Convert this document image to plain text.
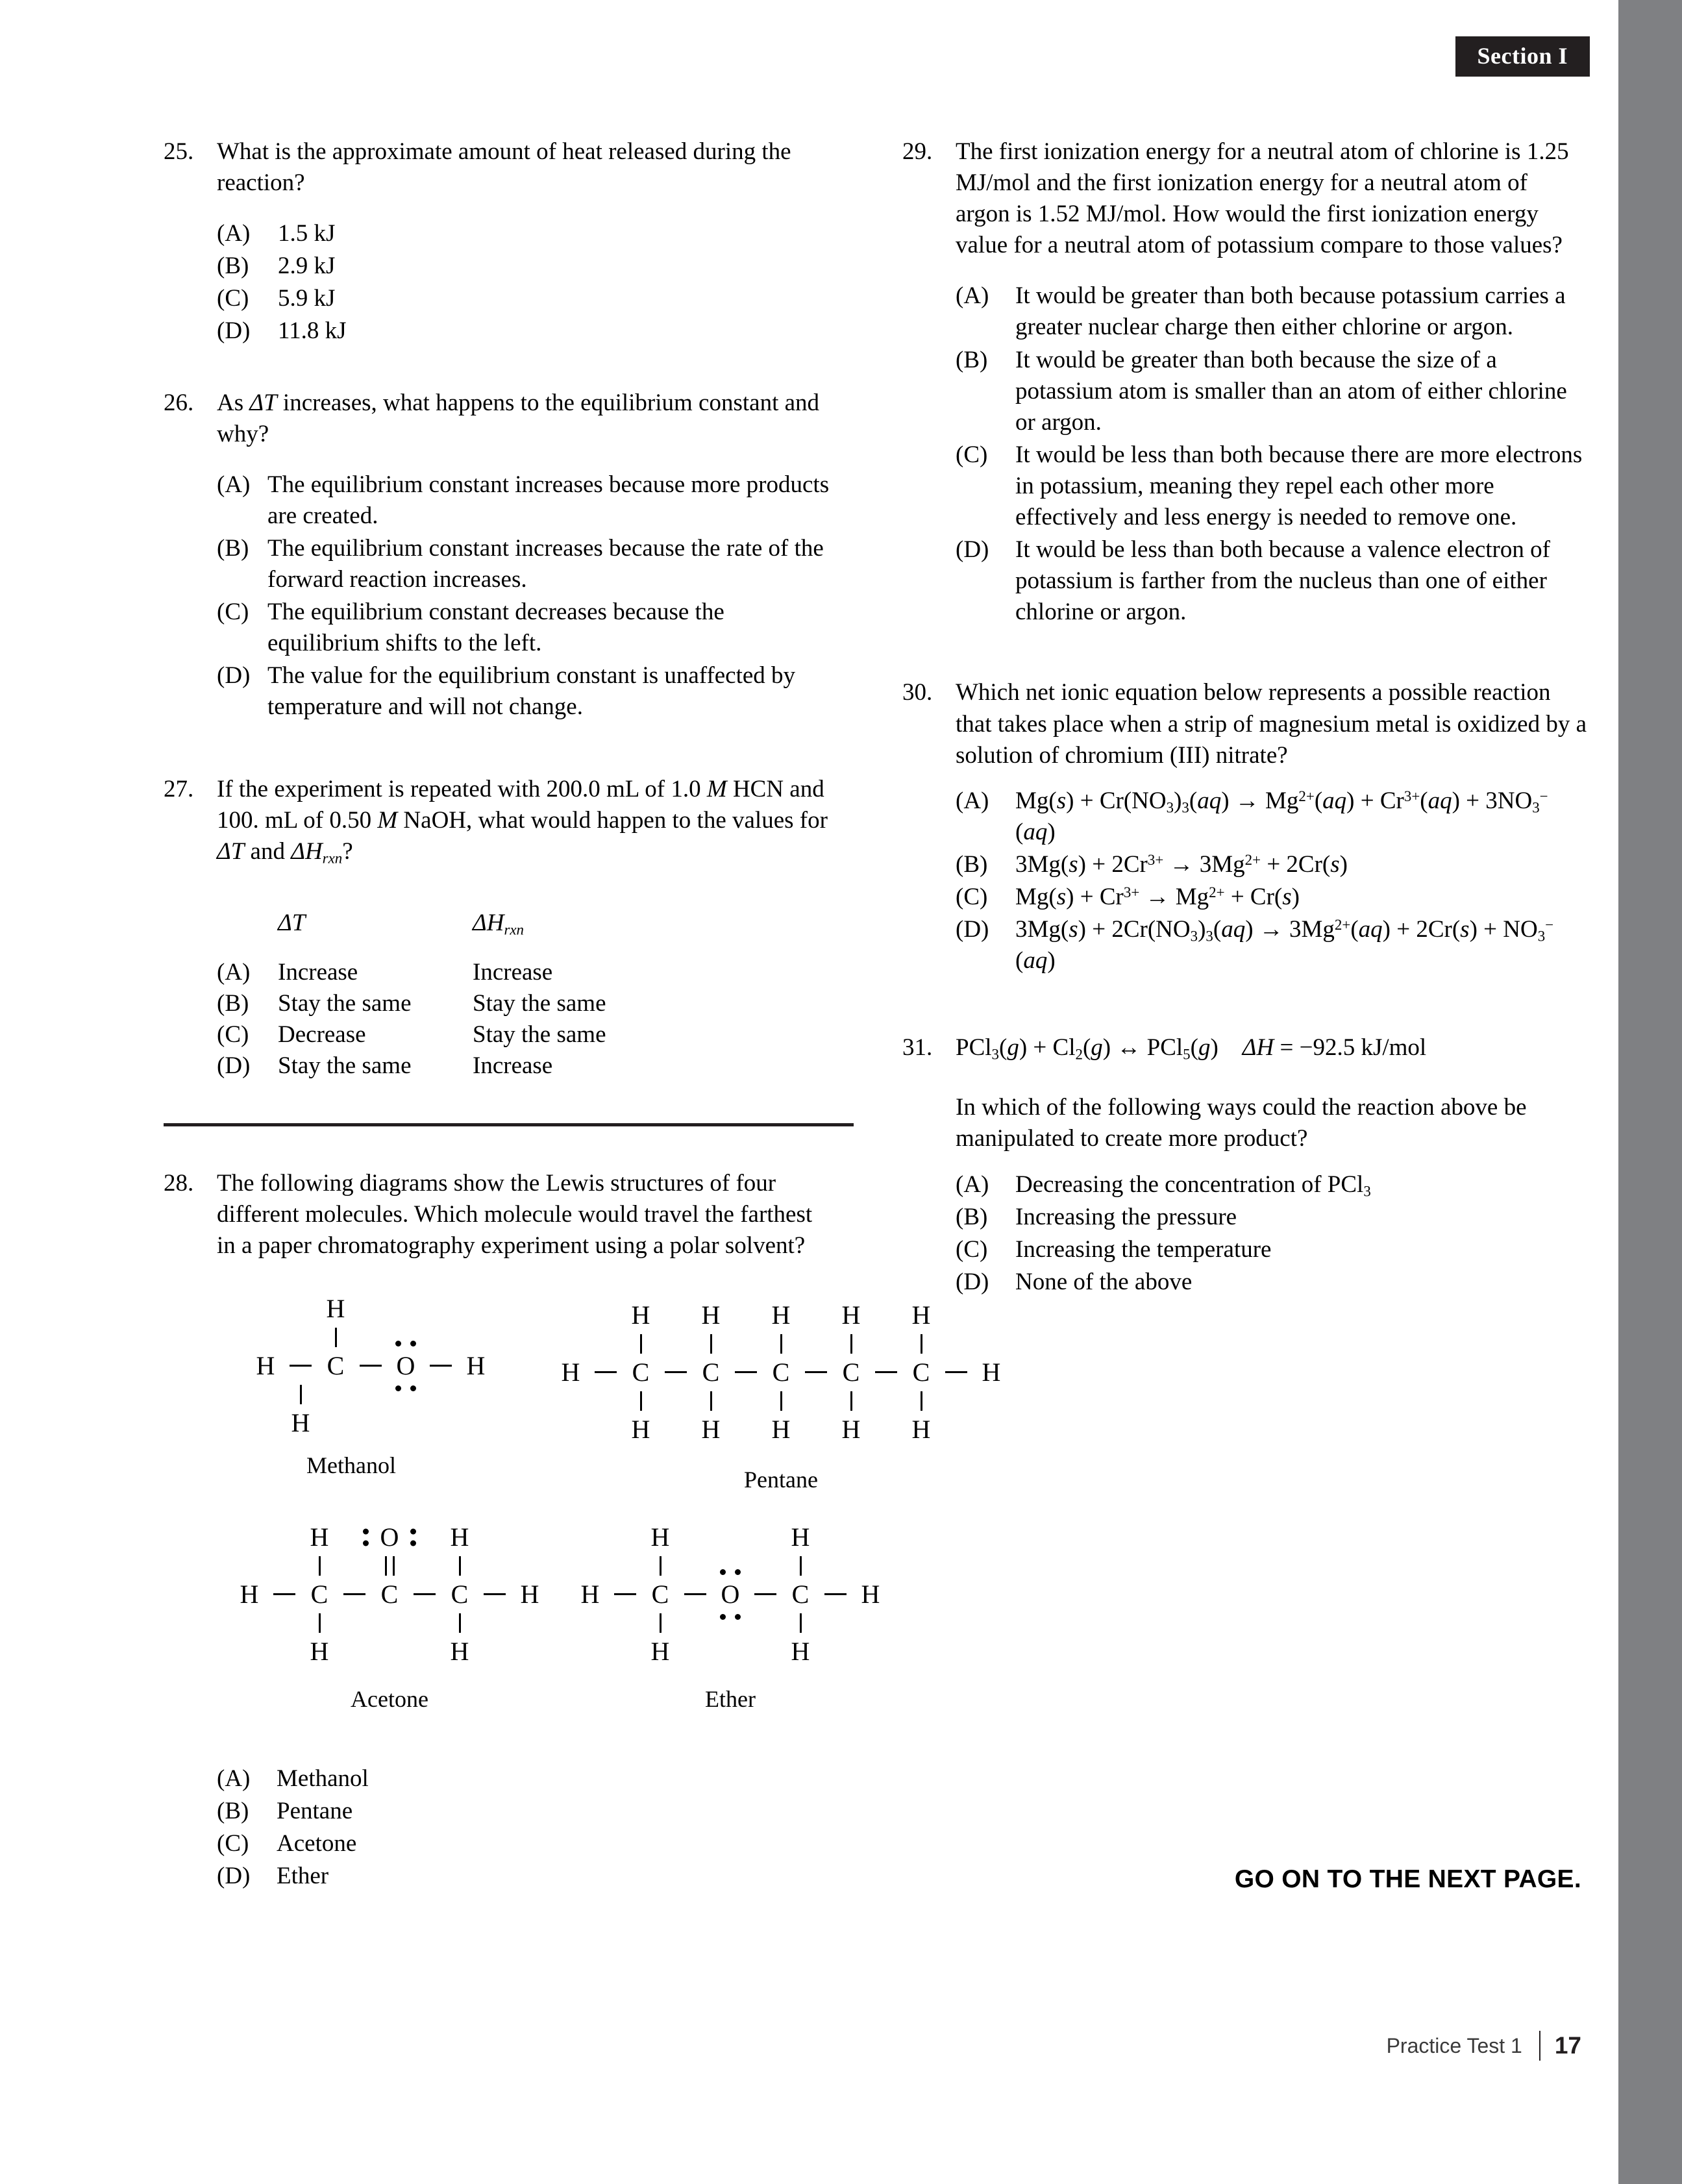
Section I
25. What is the approximate amount of heat released during the reaction?
(A)	1.5 kJ
(B)	2.9 kJ
(C)	5.9 kJ
(D)	11.8 kJ
26. As ΔT increases, what happens to the equilibrium constant and why?
(A) The equilibrium constant increases because more products are created.
(B) The equilibrium constant increases because the rate of the forward reaction increases.
(C) The equilibrium constant decreases because the equilibrium shifts to the left.
(D) The value for the equilibrium constant is unaffected by temperature and will not change.
27. If the experiment is repeated with 200.0 mL of 1.0 M HCN and 100. mL of 0.50 M NaOH, what would happen to the values for ΔT and $\Delta H_{rxn}$?
ΔT	$\Delta H_{rxn}$
(A)	Increase	Increase
(B)	Stay the same	Stay the same
(C)	Decrease	Stay the same
(D)	Stay the same	Increase
28. The following diagrams show the Lewis structures of four different molecules. Which molecule would travel the farthest in a paper chromatography experiment using a polar solvent?
H
H	C	O	H
H
Methanol
H	H	H	H	H
H	C	C	C	C	C	H
H	H	H	H	H
Pentane
H	O	H
H	C	C	C	H
H	H
Acetone
H	H
H	C	O	C	H
H	H
Ether
(A)	Methanol
(B)	Pentane
(C)	Acetone
(D)	Ether
29. The first ionization energy for a neutral atom of chlorine is 1.25 MJ/mol and the first ionization energy for a neutral atom of argon is 1.52 MJ/mol. How would the first ionization energy value for a neutral atom of potassium compare to those values?
(A)	It would be greater than both because potassium carries a greater nuclear charge then either chlorine or argon.
(B)	It would be greater than both because the size of a potassium atom is smaller than an atom of either chlorine or argon.
(C)	It would be less than both because there are more electrons in potassium, meaning they repel each other more effectively and less energy is needed to remove one.
(D)	It would be less than both because a valence electron of potassium is farther from the nucleus than one of either chlorine or argon.
30. Which net ionic equation below represents a possible reaction that takes place when a strip of magnesium metal is oxidized by a solution of chromium (III) nitrate?
(A)	$Mg(s) + Cr(NO_3)_3(aq) \to Mg^{2+}(aq) + Cr^{3+}(aq) + 3NO_3^-(aq)$
(B)	$3Mg(s) + 2Cr^{3+} \to 3Mg^{2+} + 2Cr(s)$
(C)	$Mg(s) + Cr^{3+} \to Mg^{2+} + Cr(s)$
(D)	$3Mg(s) + 2Cr(NO_3)_3(aq) \to 3Mg^{2+}(aq) + 2Cr(s) + NO_3^-(aq)$
31. $PCl_3(g) + Cl_2(g)$ ↔ PCl$_5$(g)    ΔH = −92.5 kJ/mol
In which of the following ways could the reaction above be manipulated to create more product?
(A)	Decreasing the concentration of PCl$_3$
(B)	Increasing the pressure
(C)	Increasing the temperature
(D)	None of the above
GO ON TO THE NEXT PAGE.
Practice Test 1 17
